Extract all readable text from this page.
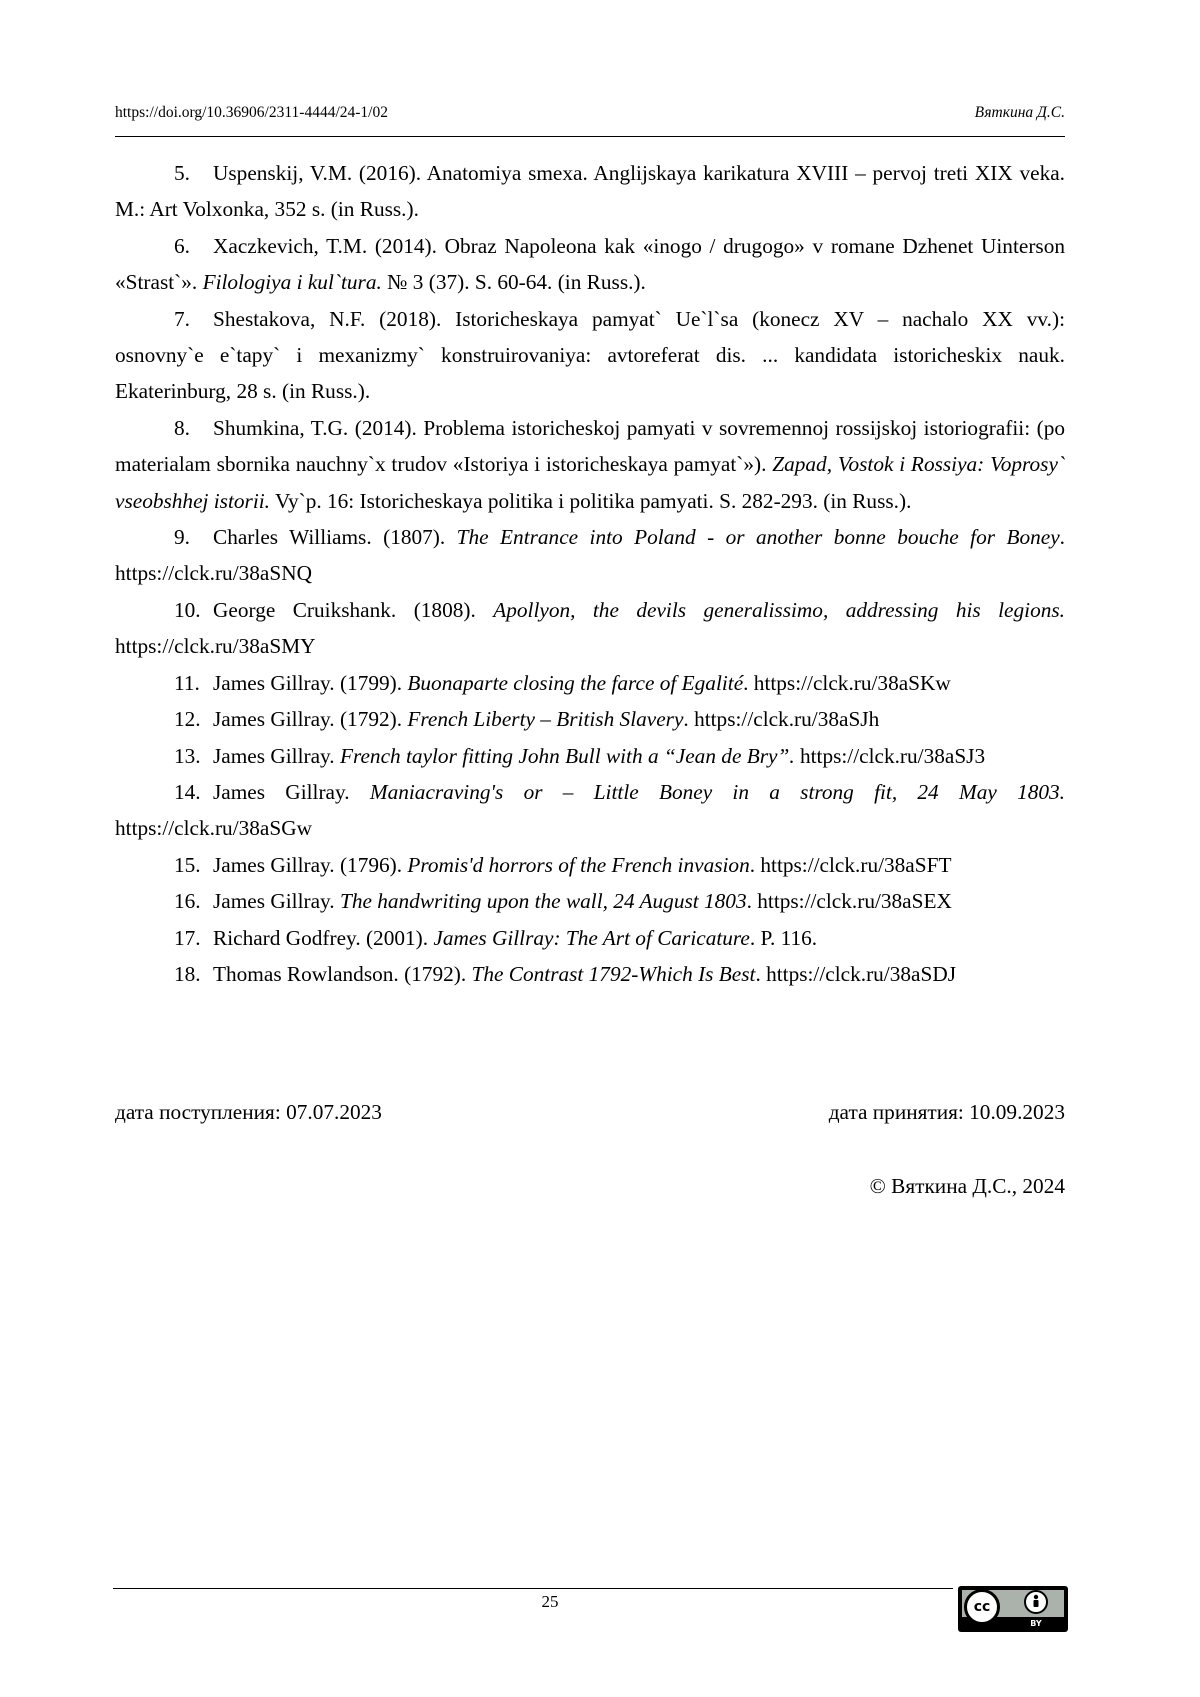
https://doi.org/10.36906/2311-4444/24-1/02	Вяткина Д.С.

5. Uspenskij, V.M. (2016). Anatomiya smexa. Anglijskaya karikatura XVIII – pervoj treti XIX veka. M.: Art Volxonka, 352 s. (in Russ.).

6. Xaczkevich, T.M. (2014). Obraz Napoleona kak «inogo / drugogo» v romane Dzhenet Uinterson «Strast`». Filologiya i kul`tura. № 3 (37). S. 60-64. (in Russ.).

7. Shestakova, N.F. (2018). Istoricheskaya pamyat` Ue`l`sa (konecz XV – nachalo XX vv.): osnovny`e e`tapy` i mexanizmy` konstruirovaniya: avtoreferat dis. ... kandidata istoricheskix nauk. Ekaterinburg, 28 s. (in Russ.).

8. Shumkina, T.G. (2014). Problema istoricheskoj pamyati v sovremennoj rossijskoj istoriografii: (po materialam sbornika nauchny`x trudov «Istoriya i istoricheskaya pamyat`»). Zapad, Vostok i Rossiya: Voprosy` vseobshhej istorii. Vy`p. 16: Istoricheskaya politika i politika pamyati. S. 282-293. (in Russ.).

9. Charles Williams. (1807). The Entrance into Poland - or another bonne bouche for Boney. https://clck.ru/38aSNQ

10. George Cruikshank. (1808). Apollyon, the devils generalissimo, addressing his legions. https://clck.ru/38aSMY

11. James Gillray. (1799). Buonaparte closing the farce of Egalité. https://clck.ru/38aSKw

12. James Gillray. (1792). French Liberty – British Slavery. https://clck.ru/38aSJh

13. James Gillray. French taylor fitting John Bull with a “Jean de Bry”. https://clck.ru/38aSJ3

14. James Gillray. Maniacraving's or – Little Boney in a strong fit, 24 May 1803. https://clck.ru/38aSGw

15. James Gillray. (1796). Promis'd horrors of the French invasion. https://clck.ru/38aSFT

16. James Gillray. The handwriting upon the wall, 24 August 1803. https://clck.ru/38aSEX

17. Richard Godfrey. (2001). James Gillray: The Art of Caricature. P. 116.

18. Thomas Rowlandson. (1792). The Contrast 1792-Which Is Best. https://clck.ru/38aSDJ

дата поступления: 07.07.2023	дата принятия: 10.09.2023
© Вяткина Д.С., 2024
25	cc
BY
